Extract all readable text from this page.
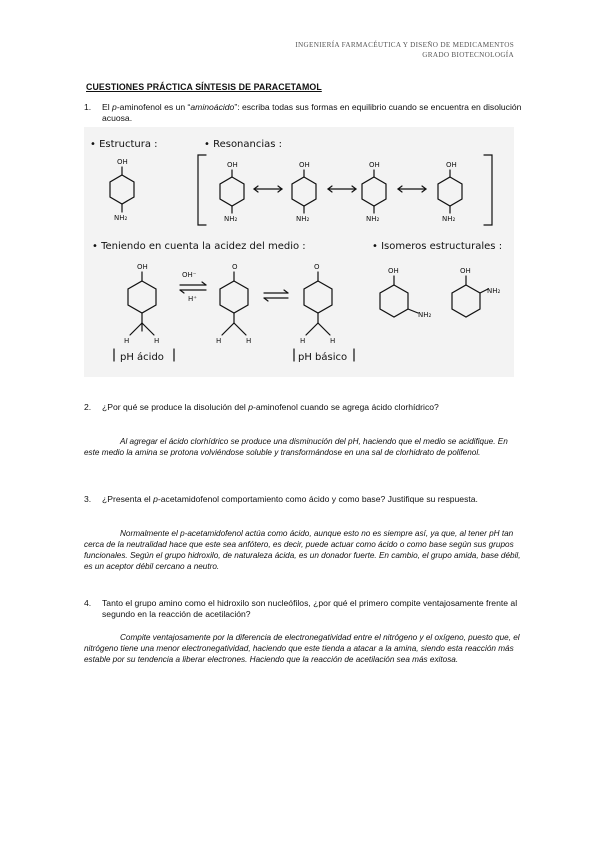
INGENIERÍA FARMACÉUTICA Y DISEÑO DE MEDICAMENTOS
GRADO BIOTECNOLOGÍA
CUESTIONES PRÁCTICA SÍNTESIS DE PARACETAMOL
1. El p-aminofenol es un “aminoácido”: escriba todas sus formas en equilibrio cuando se encuentra en disolución acuosa.
• Estructura :	• Resonancias :
• Teniendo en cuenta la acidez del medio :	• Isomeros estructurales :
OH
NH₂
OH
NH₂
OH
NH₂
OH
NH₂
OH
NH₂
OH
H	H
pH ácido
OH⁻
H⁺
O
H	H
O
H	H
pH básico
OH
NH₂
OH
NH₂
2. ¿Por qué se produce la disolución del p-aminofenol cuando se agrega ácido clorhídrico?

Al agregar el ácido clorhídrico se produce una disminución del pH, haciendo que el medio se acidifique. En este medio la amina se protona volviéndose soluble y transformándose en una sal de clorhidrato de polifenol.

3. ¿Presenta el p-acetamidofenol comportamiento como ácido y como base? Justifique su respuesta.

Normalmente el p-acetamidofenol actúa como ácido, aunque esto no es siempre así, ya que, al tener pH tan cerca de la neutralidad hace que este sea anfótero, es decir, puede actuar como ácido o como base según sus grupos funcionales. Según el grupo hidroxilo, de naturaleza ácida, es un donador fuerte. En cambio, el grupo amida, base débil, es un aceptor débil cercano a neutro.

4. Tanto el grupo amino como el hidroxilo son nucleófilos, ¿por qué el primero compite ventajosamente frente al segundo en la reacción de acetilación?

Compite ventajosamente por la diferencia de electronegatividad entre el nitrógeno y el oxígeno, puesto que, el nitrógeno tiene una menor electronegatividad, haciendo que este tienda a atacar a la amina, siendo esta reacción más estable por su tendencia a liberar electrones. Haciendo que la reacción de acetilación sea más exitosa.
